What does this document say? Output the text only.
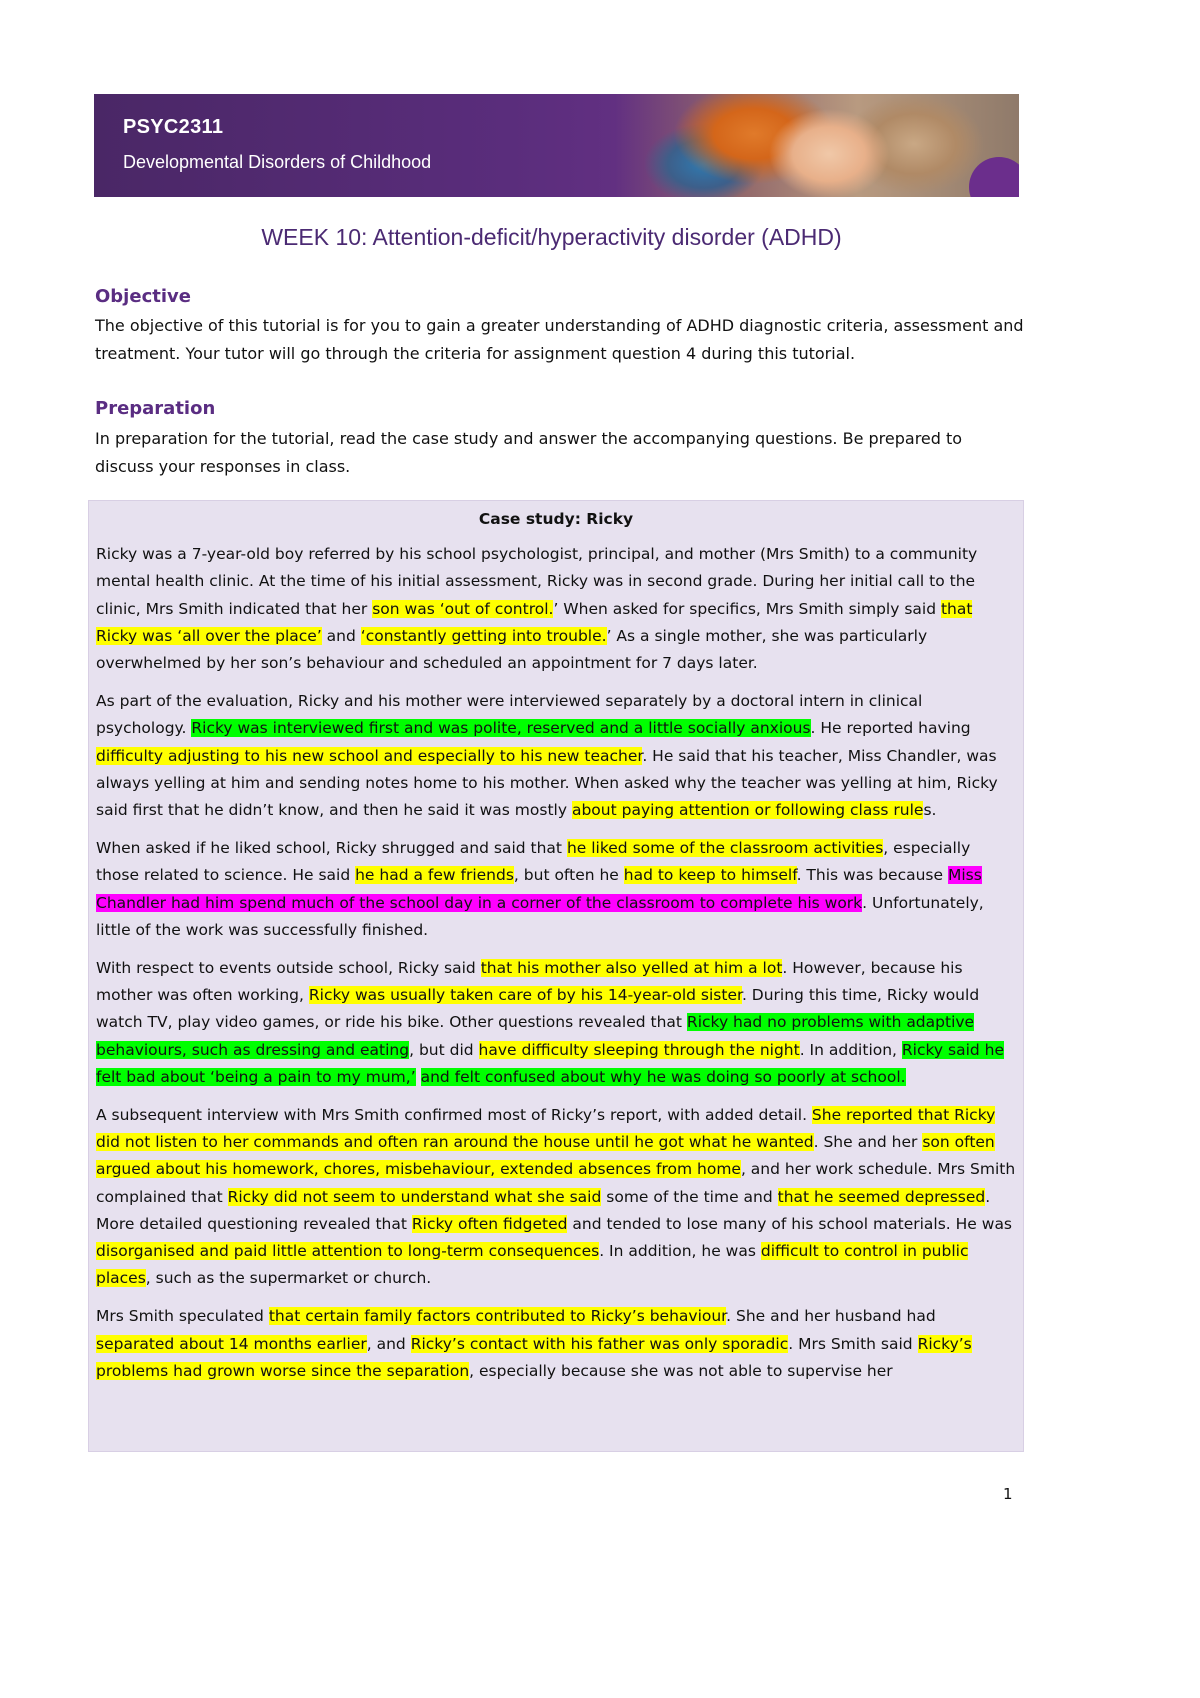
PSYC2311
Developmental Disorders of Childhood
WEEK 10: Attention-deficit/hyperactivity disorder (ADHD)
Objective
The objective of this tutorial is for you to gain a greater understanding of ADHD diagnostic criteria, assessment and treatment. Your tutor will go through the criteria for assignment question 4 during this tutorial.
Preparation
In preparation for the tutorial, read the case study and answer the accompanying questions. Be prepared to discuss your responses in class.
Case study: Ricky

Ricky was a 7-year-old boy referred by his school psychologist, principal, and mother (Mrs Smith) to a community mental health clinic. At the time of his initial assessment, Ricky was in second grade. During her initial call to the clinic, Mrs Smith indicated that her son was ‘out of control.’ When asked for specifics, Mrs Smith simply said that Ricky was ‘all over the place’ and ‘constantly getting into trouble.’ As a single mother, she was particularly overwhelmed by her son’s behaviour and scheduled an appointment for 7 days later.

As part of the evaluation, Ricky and his mother were interviewed separately by a doctoral intern in clinical psychology. Ricky was interviewed first and was polite, reserved and a little socially anxious. He reported having difficulty adjusting to his new school and especially to his new teacher. He said that his teacher, Miss Chandler, was always yelling at him and sending notes home to his mother. When asked why the teacher was yelling at him, Ricky said first that he didn’t know, and then he said it was mostly about paying attention or following class rules.

When asked if he liked school, Ricky shrugged and said that he liked some of the classroom activities, especially those related to science. He said he had a few friends, but often he had to keep to himself. This was because Miss Chandler had him spend much of the school day in a corner of the classroom to complete his work. Unfortunately, little of the work was successfully finished.

With respect to events outside school, Ricky said that his mother also yelled at him a lot. However, because his mother was often working, Ricky was usually taken care of by his 14-year-old sister. During this time, Ricky would watch TV, play video games, or ride his bike. Other questions revealed that Ricky had no problems with adaptive behaviours, such as dressing and eating, but did have difficulty sleeping through the night. In addition, Ricky said he felt bad about ‘being a pain to my mum,’ and felt confused about why he was doing so poorly at school.

A subsequent interview with Mrs Smith confirmed most of Ricky’s report, with added detail. She reported that Ricky did not listen to her commands and often ran around the house until he got what he wanted. She and her son often argued about his homework, chores, misbehaviour, extended absences from home, and her work schedule. Mrs Smith complained that Ricky did not seem to understand what she said some of the time and that he seemed depressed. More detailed questioning revealed that Ricky often fidgeted and tended to lose many of his school materials. He was disorganised and paid little attention to long-term consequences. In addition, he was difficult to control in public places, such as the supermarket or church.

Mrs Smith speculated that certain family factors contributed to Ricky’s behaviour. She and her husband had separated about 14 months earlier, and Ricky’s contact with his father was only sporadic. Mrs Smith said Ricky’s problems had grown worse since the separation, especially because she was not able to supervise her

1
